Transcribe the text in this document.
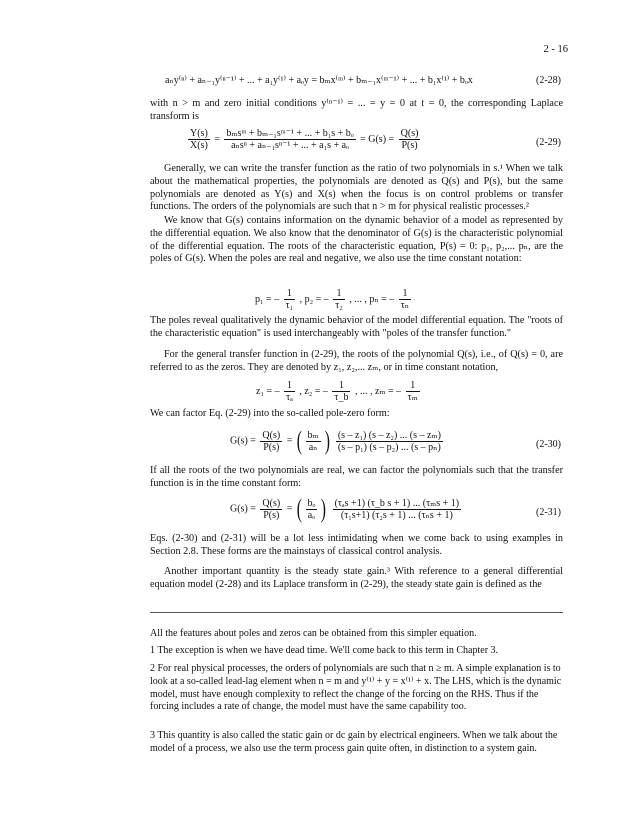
2 - 16
aₙy⁽ⁿ⁾ + aₙ₋₁y⁽ⁿ⁻¹⁾ + ... + a₁y⁽¹⁾ + aₒy = bₘx⁽ᵐ⁾ + bₘ₋₁x⁽ᵐ⁻¹⁾ + ... + b₁x⁽¹⁾ + bₒx	(2-28)
with n > m and zero initial conditions y⁽ⁿ⁻¹⁾ = ... = y = 0 at t = 0, the corresponding Laplace transform is
$\frac{Y(s)}{X(s)} = \frac{\text{bₘsᵐ + bₘ₋₁sᵐ⁻¹ + ... + b₁s + bₒ}}{\text{aₙsⁿ + aₙ₋₁sⁿ⁻¹ + ... + a₁s + aₒ}} = G(s) = \frac{Q(s)}{P(s)}$	(2-29)
Generally, we can write the transfer function as the ratio of two polynomials in s.¹ When we talk about the mathematical properties, the polynomials are denoted as Q(s) and P(s), but the same polynomials are denoted as Y(s) and X(s) when the focus is on control problems or transfer functions. The orders of the polynomials are such that n > m for physical realistic processes.²
We know that G(s) contains information on the dynamic behavior of a model as represented by the differential equation. We also know that the denominator of G(s) is the characteristic polynomial of the differential equation. The roots of the characteristic equation, P(s) = 0: p₁, p₂,... pₙ, are the poles of G(s). When the poles are real and negative, we also use the time constant notation:
p₁ = – $\frac{1}{\text{τ₁}}$ , p₂ = – $\frac{1}{\text{τ₂}}$ , ... , pₙ = – $\frac{1}{\text{τₙ}}$
The poles reveal qualitatively the dynamic behavior of the model differential equation. The "roots of the characteristic equation" is used interchangeably with "poles of the transfer function."
For the general transfer function in (2-29), the roots of the polynomial Q(s), i.e., of Q(s) = 0, are referred to as the zeros. They are denoted by z₁, z₂,... zₘ, or in time constant notation,
z₁ = – $\frac{1}{\text{τₐ}}$ , z₂ = – $\frac{1}{\tau\_b}$ , ... , zₘ = – $\frac{1}{\text{τₘ}}$
We can factor Eq. (2-29) into the so-called pole-zero form:
$G(s) = \frac{Q(s)}{P(s)}$ = ( $\frac{\text{bₘ}}{\text{aₙ}}$ ) $\frac{\text{(s – z₁) (s – z₂) ... (s – zₘ)}}{\text{(s – p₁) (s – p₂) ... (s – pₙ)}}$	(2-30)
If all the roots of the two polynomials are real, we can factor the polynomials such that the transfer function is in the time constant form:
$G(s) = \frac{Q(s)}{P(s)}$ = ( $\frac{\text{bₒ}}{\text{aₒ}}$ ) $\frac{\text{(τₐs +1) (τ\_b s + 1) ... (τₘs + 1)}}{\text{(τ₁s+1) (τ₂s + 1) ... (τₙs + 1)}}$	(2-31)
Eqs. (2-30) and (2-31) will be a lot less intimidating when we come back to using examples in Section 2.8. These forms are the mainstays of classical control analysis.
Another important quantity is the steady state gain.³ With reference to a general differential equation model (2-28) and its Laplace transform in (2-29), the steady state gain is defined as the
All the features about poles and zeros can be obtained from this simpler equation.
1 The exception is when we have dead time. We'll come back to this term in Chapter 3.
2 For real physical processes, the orders of polynomials are such that n ≥ m. A simple explanation is to look at a so-called lead-lag element when n = m and y⁽¹⁾ + y = x⁽¹⁾ + x. The LHS, which is the dynamic model, must have enough complexity to reflect the change of the forcing on the RHS. Thus if the forcing includes a rate of change, the model must have the same capability too.
3 This quantity is also called the static gain or dc gain by electrical engineers. When we talk about the model of a process, we also use the term process gain quite often, in distinction to a system gain.
